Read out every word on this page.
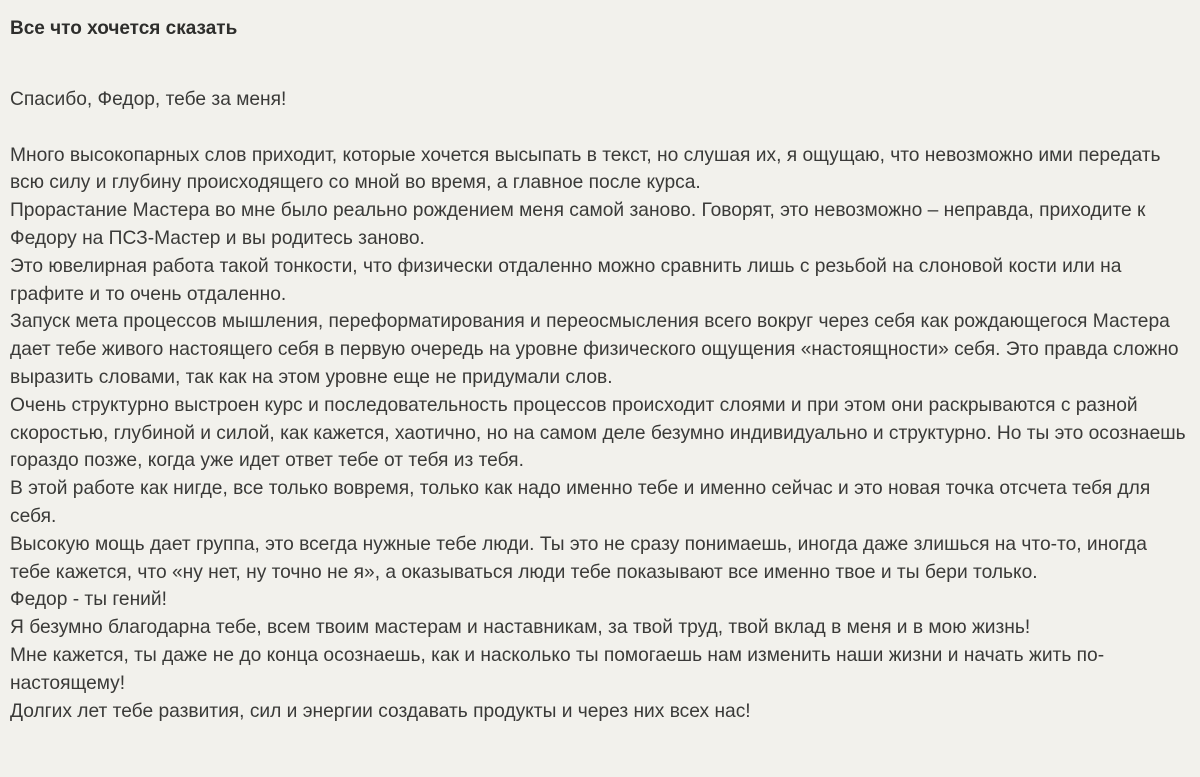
Все что хочется сказать

Спасибо, Федор, тебе за меня!

Много высокопарных слов приходит, которые хочется высыпать в текст, но слушая их, я ощущаю, что невозможно ими передать всю силу и глубину происходящего со мной во время, а главное после курса.

Прорастание Мастера во мне было реально рождением меня самой заново. Говорят, это невозможно – неправда, приходите к Федору на ПСЗ-Мастер и вы родитесь заново.

Это ювелирная работа такой тонкости, что физически отдаленно можно сравнить лишь с резьбой на слоновой кости или на графите и то очень отдаленно.

Запуск мета процессов мышления, переформатирования и переосмысления всего вокруг через себя как рождающегося Мастера дает тебе живого настоящего себя в первую очередь на уровне физического ощущения «настоящности» себя. Это правда сложно выразить словами, так как на этом уровне еще не придумали слов.

Очень структурно выстроен курс и последовательность процессов происходит слоями и при этом они раскрываются с разной скоростью, глубиной и силой, как кажется, хаотично, но на самом деле безумно индивидуально и структурно. Но ты это осознаешь гораздо позже, когда уже идет ответ тебе от тебя из тебя.

В этой работе как нигде, все только вовремя, только как надо именно тебе и именно сейчас и это новая точка отсчета тебя для себя.

Высокую мощь дает группа, это всегда нужные тебе люди. Ты это не сразу понимаешь, иногда даже злишься на что-то, иногда тебе кажется, что «ну нет, ну точно не я», а оказываться люди тебе показывают все именно твое и ты бери только.

Федор - ты гений!

Я безумно благодарна тебе, всем твоим мастерам и наставникам, за твой труд, твой вклад в меня и в мою жизнь!

Мне кажется, ты даже не до конца осознаешь, как и насколько ты помогаешь нам изменить наши жизни и начать жить по-настоящему!

Долгих лет тебе развития, сил и энергии создавать продукты и через них всех нас!
